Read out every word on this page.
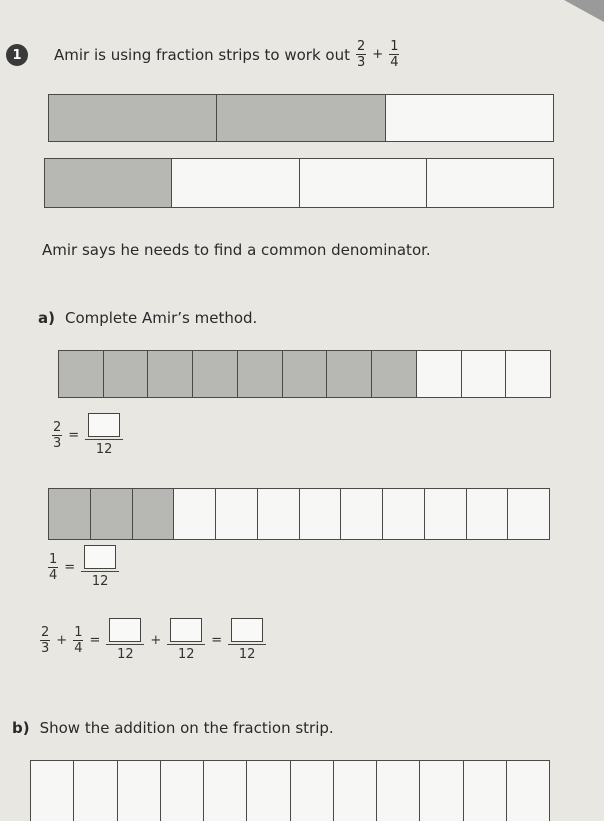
1 Amir is using fraction strips to work out $\frac{2}{3} + \frac{1}{4}$
Amir says he needs to find a common denominator.
a) Complete Amir’s method.
$\frac{2}{3}$ =
12
$\frac{1}{4}$ =
12
$\frac{2}{3} + \frac{1}{4}$ =
12
+
12
=
12
b) Show the addition on the fraction strip.
